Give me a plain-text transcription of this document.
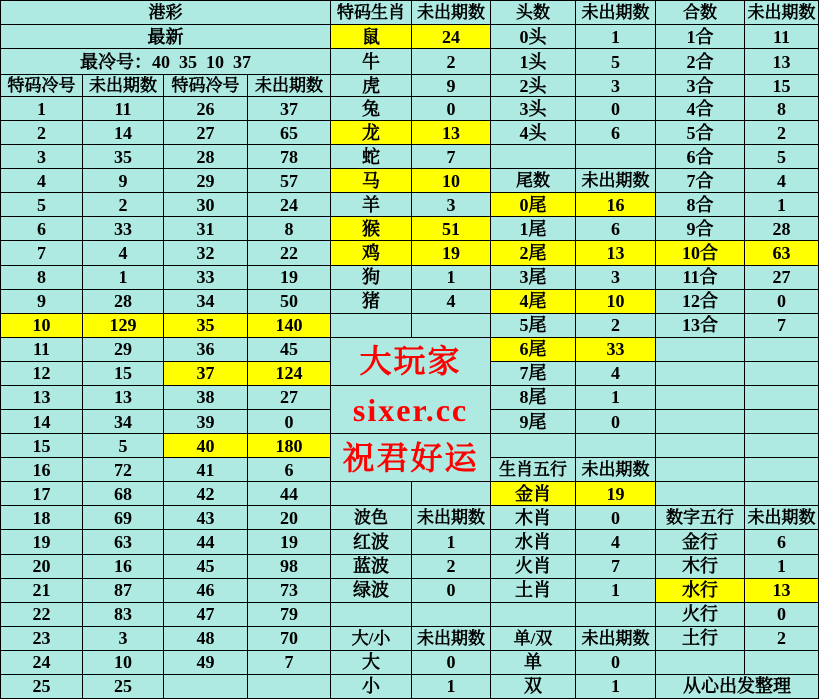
港彩
最新
最冷号：40  35  10  37
特码冷号 未出期数 特码冷号 未出期数
1	11	26	37
2	14	27	65
3	35	28	78
4	9	29	57
5	2	30	24
6	33	31	8
7	4	32	22
8	1	33	19
9	28	34	50
10	129	35	140
11	29	36	45
12	15	37	124
13	13	38	27
14	34	39	0
15	5	40	180
16	72	41	6
17	68	42	44
18	69	43	20
19	63	44	19
20	16	45	98
21	87	46	73
22	83	47	79
23	3	48	70
24	10	49	7
25	25
特码生肖 未出期数
鼠	24
牛	2
虎	9
兔	0
龙	13
蛇	7
马	10
羊	3
猴	51
鸡	19
狗	1
猪	4
波色	未出期数
红波	1
蓝波	2
绿波	0
大/小	未出期数
大	0
小	1
头数	未出期数
0头	1
1头	5
2头	3
3头	0
4头	6
尾数	未出期数
0尾	16
1尾	6
2尾	13
3尾	3
4尾	10
5尾	2
6尾	33
7尾	4
8尾	1
9尾	0
生肖五行 未出期数
金肖	19
木肖	0
水肖	4
火肖	7
土肖	1
单/双	未出期数
单	0
双	1
合数	未出期数
1合	11
2合	13
3合	15
4合	8
5合	2
6合	5
7合	4
8合	1
9合	28
10合	63
11合	27
12合	0
13合	7
数字五行 未出期数
金行	6
木行	1
水行	13
火行	0
土行	2
大玩家
sixer.cc
祝君好运
从心出发整理
